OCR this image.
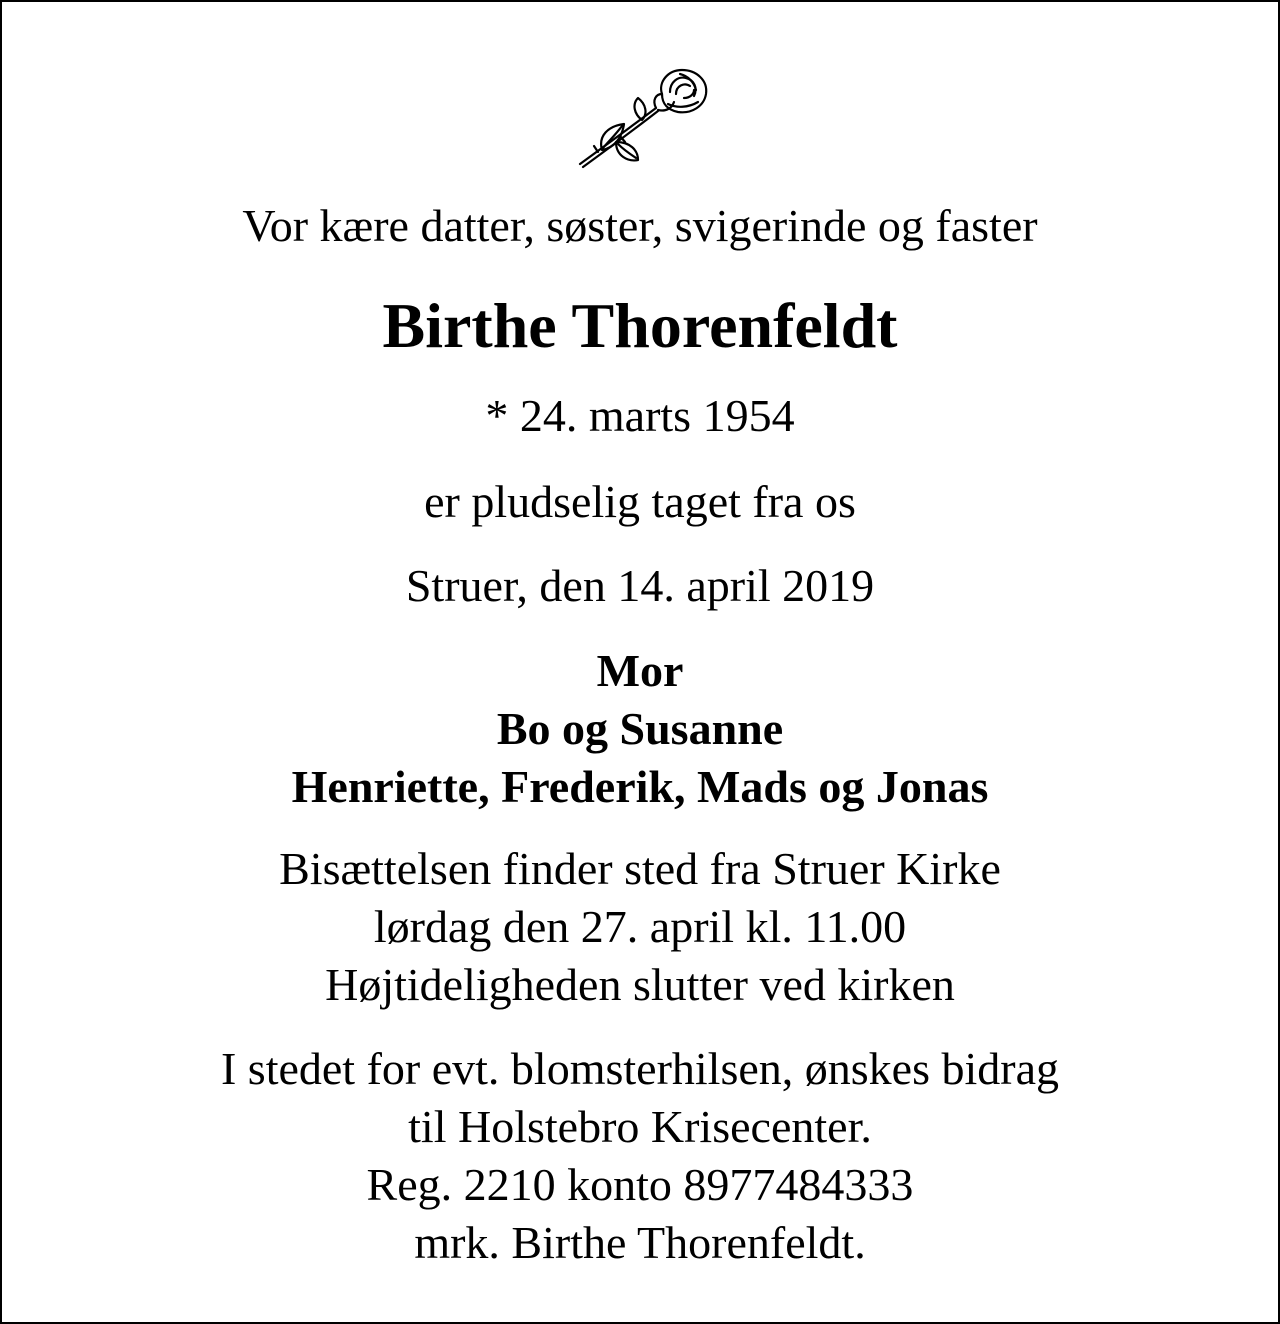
Vor kære datter, søster, svigerinde og faster
Birthe Thorenfeldt
* 24. marts 1954
er pludselig taget fra os
Struer, den 14. april 2019
Mor
Bo og Susanne
Henriette, Frederik, Mads og Jonas
Bisættelsen finder sted fra Struer Kirke
lørdag den 27. april kl. 11.00
Højtideligheden slutter ved kirken
I stedet for evt. blomsterhilsen, ønskes bidrag
til Holstebro Krisecenter.
Reg. 2210 konto 8977484333
mrk. Birthe Thorenfeldt.
